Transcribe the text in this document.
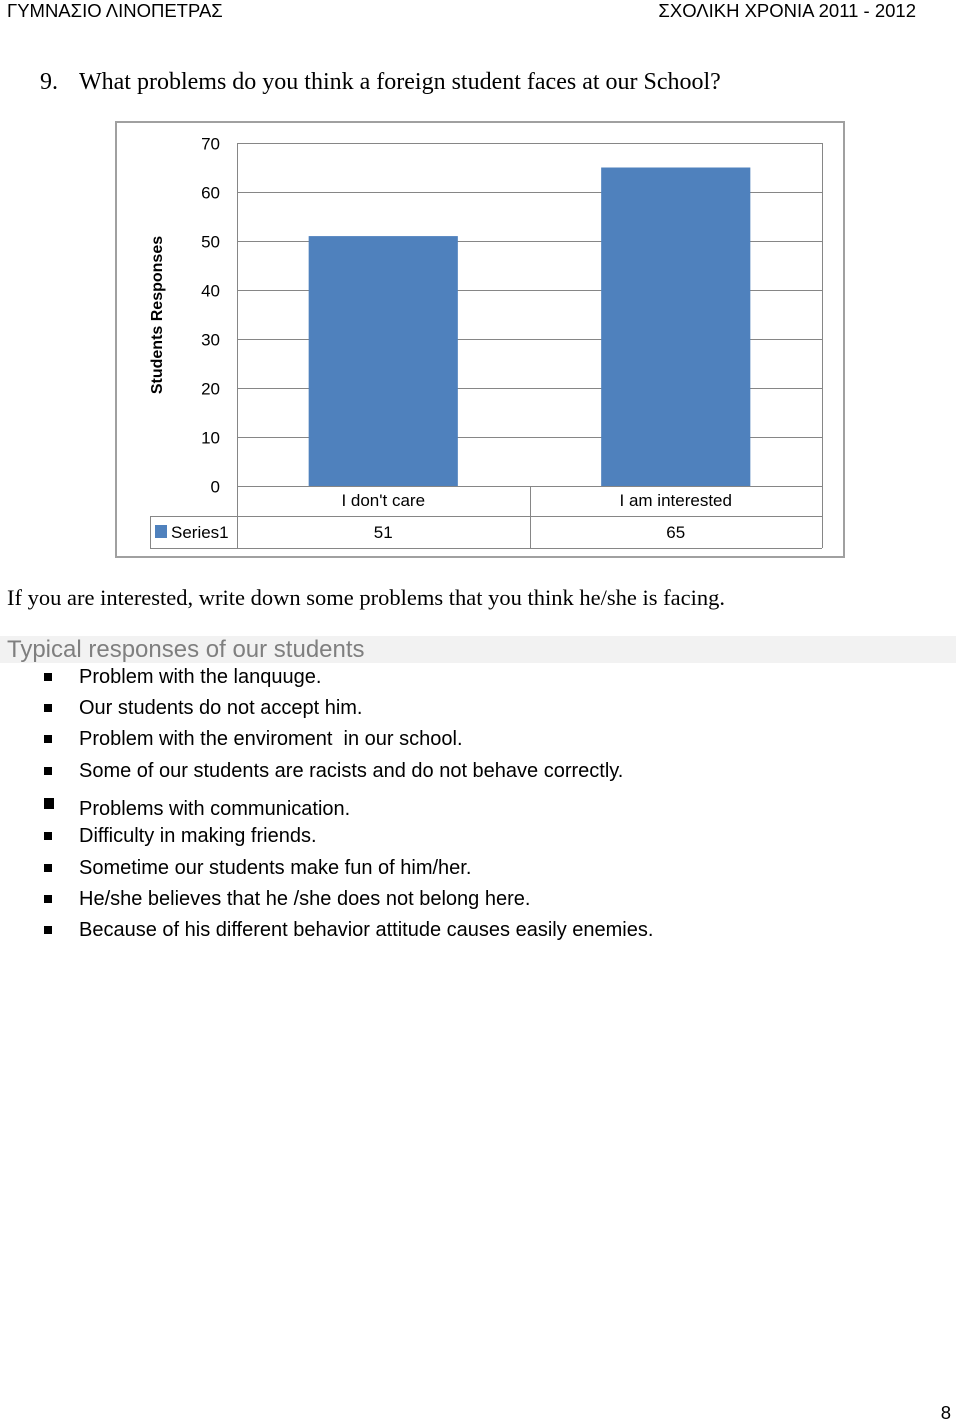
ΓΥΜΝΑΣΙΟ ΛΙΝΟΠΕΤΡΑΣ	ΣΧΟΛΙΚΗ ΧΡΟΝΙΑ 2011 - 2012
9. What problems do you think a foreign student faces at our School?
Students Responses
0
10
20
30
40
50
60
70
I don't care
51
I am interested
65
Series1
If you are interested, write down some problems that you think he/she is facing.
Typical responses of our students
Problem with the lanquuge.
Our students do not accept him.
Problem with the enviroment  in our school.
Some of our students are racists and do not behave correctly.
Problems with communication.
Difficulty in making friends.
Sometime our students make fun of him/her.
He/she believes that he /she does not belong here.
Because of his different behavior attitude causes easily enemies.
8
